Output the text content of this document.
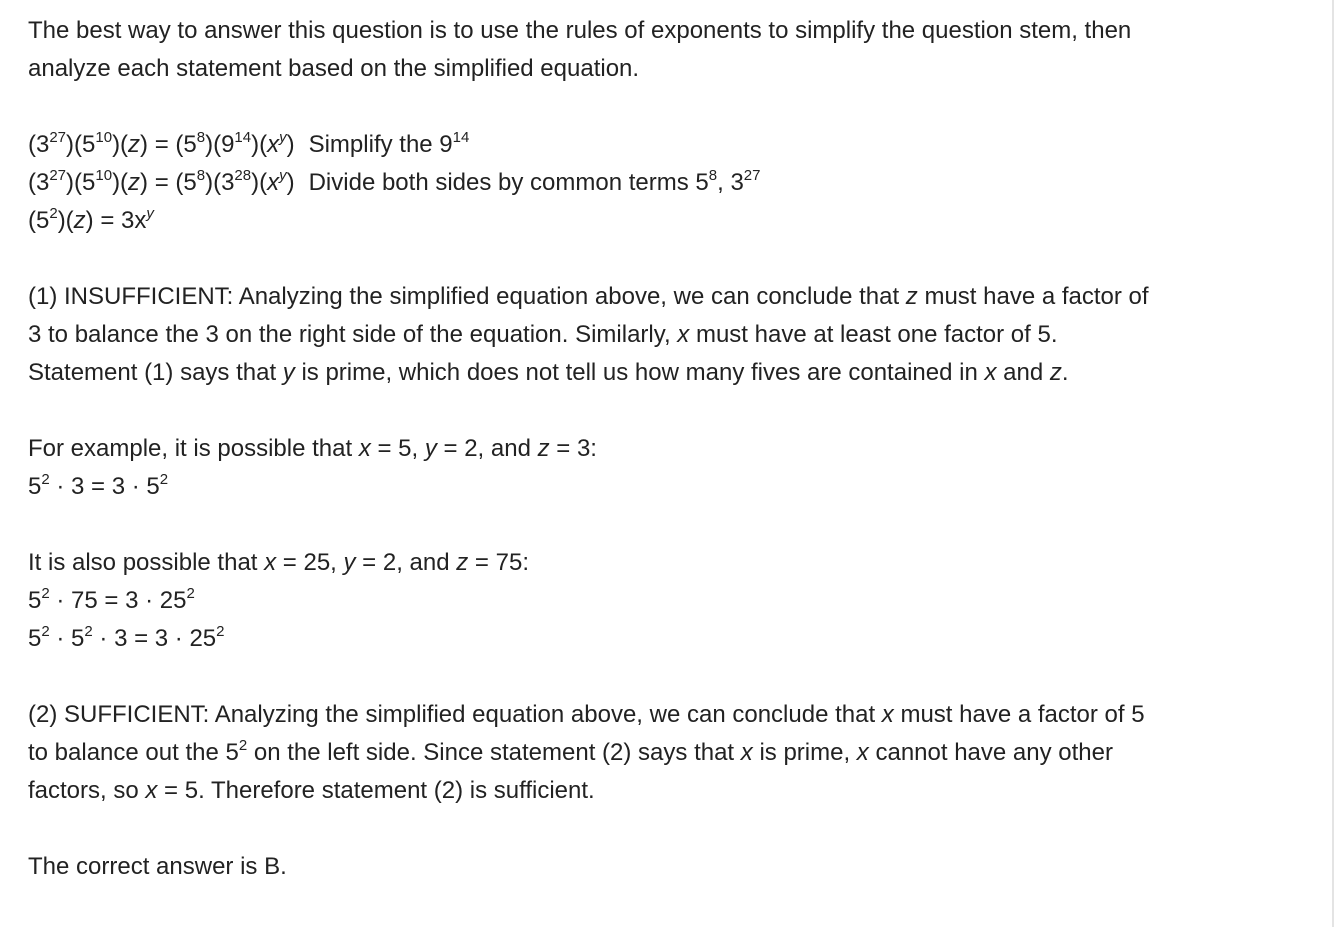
The best way to answer this question is to use the rules of exponents to simplify the question stem, then
analyze each statement based on the simplified equation.

$(3^{27})(5^{10})(z) = (5^8)(9^{14})(x^y)$ Simplify the $9^{14}$
$(3^{27})(5^{10})(z) = (5^8)(3^{28})(x^y)$ Divide both sides by common terms $5^8$, $3^{27}$
$(5^2)(z) = 3x^y$

(1) INSUFFICIENT: Analyzing the simplified equation above, we can conclude that z must have a factor of
3 to balance the 3 on the right side of the equation. Similarly, x must have at least one factor of 5.
Statement (1) says that y is prime, which does not tell us how many fives are contained in x and z.

For example, it is possible that x = 5, y = 2, and z = 3:
$5^2 \cdot 3 = 3 \cdot 5^2$

It is also possible that x = 25, y = 2, and z = 75:
$5^2 \cdot 75 = 3 \cdot 25^2$
$5^2 \cdot 5^2 \cdot 3 = 3 \cdot 25^2$

(2) SUFFICIENT: Analyzing the simplified equation above, we can conclude that x must have a factor of 5
to balance out the $5^2$ on the left side. Since statement (2) says that x is prime, x cannot have any other
factors, so x = 5. Therefore statement (2) is sufficient.

The correct answer is B.
